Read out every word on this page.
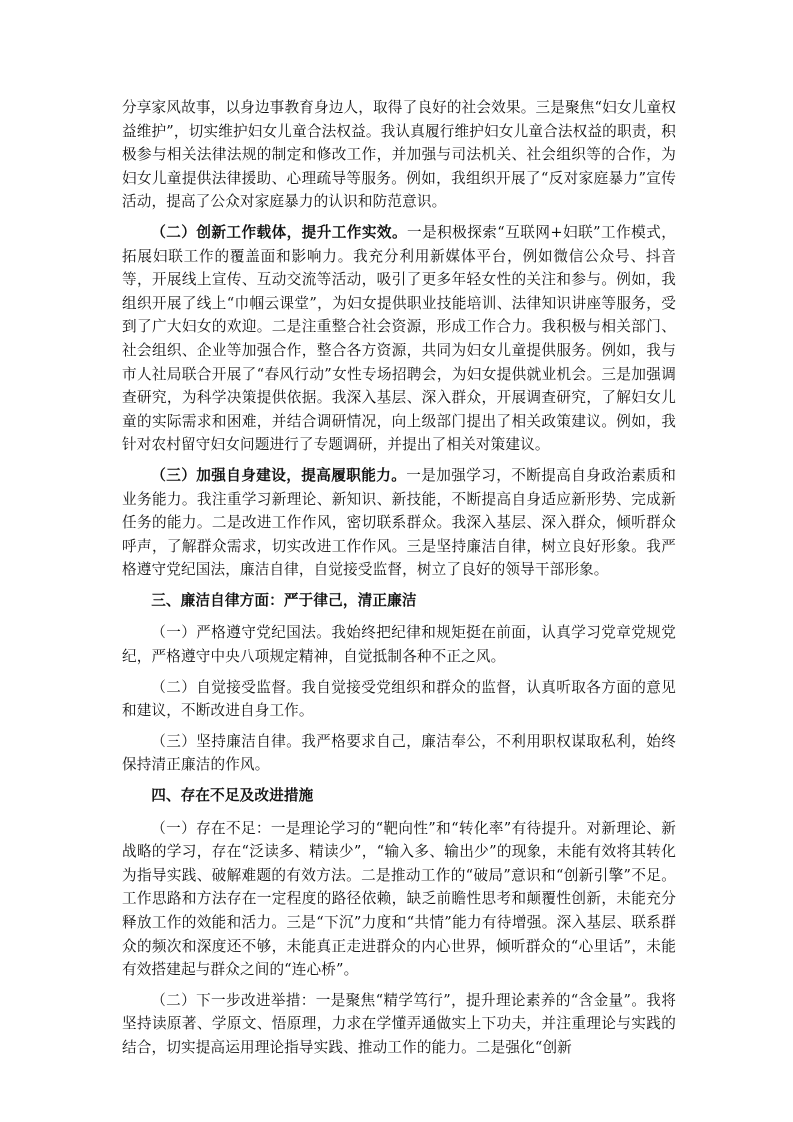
分享家风故事，以身边事教育身边人，取得了良好的社会效果。三是聚焦“妇女儿童权益维护”，切实维护妇女儿童合法权益。我认真履行维护妇女儿童合法权益的职责，积极参与相关法律法规的制定和修改工作，并加强与司法机关、社会组织等的合作，为妇女儿童提供法律援助、心理疏导等服务。例如，我组织开展了“反对家庭暴力”宣传活动，提高了公众对家庭暴力的认识和防范意识。

（二）创新工作载体，提升工作实效。一是积极探索“互联网+妇联”工作模式，拓展妇联工作的覆盖面和影响力。我充分利用新媒体平台，例如微信公众号、抖音等，开展线上宣传、互动交流等活动，吸引了更多年轻女性的关注和参与。例如，我组织开展了线上“巾帼云课堂”，为妇女提供职业技能培训、法律知识讲座等服务，受到了广大妇女的欢迎。二是注重整合社会资源，形成工作合力。我积极与相关部门、社会组织、企业等加强合作，整合各方资源，共同为妇女儿童提供服务。例如，我与市人社局联合开展了“春风行动”女性专场招聘会，为妇女提供就业机会。三是加强调查研究，为科学决策提供依据。我深入基层、深入群众，开展调查研究，了解妇女儿童的实际需求和困难，并结合调研情况，向上级部门提出了相关政策建议。例如，我针对农村留守妇女问题进行了专题调研，并提出了相关对策建议。

（三）加强自身建设，提高履职能力。一是加强学习，不断提高自身政治素质和业务能力。我注重学习新理论、新知识、新技能，不断提高自身适应新形势、完成新任务的能力。二是改进工作作风，密切联系群众。我深入基层、深入群众，倾听群众呼声，了解群众需求，切实改进工作作风。三是坚持廉洁自律，树立良好形象。我严格遵守党纪国法，廉洁自律，自觉接受监督，树立了良好的领导干部形象。

三、廉洁自律方面：严于律己，清正廉洁

（一）严格遵守党纪国法。我始终把纪律和规矩挺在前面，认真学习党章党规党纪，严格遵守中央八项规定精神，自觉抵制各种不正之风。

（二）自觉接受监督。我自觉接受党组织和群众的监督，认真听取各方面的意见和建议，不断改进自身工作。

（三）坚持廉洁自律。我严格要求自己，廉洁奉公，不利用职权谋取私利，始终保持清正廉洁的作风。

四、存在不足及改进措施

（一）存在不足：一是理论学习的“靶向性”和“转化率”有待提升。对新理论、新战略的学习，存在“泛读多、精读少”，“输入多、输出少”的现象，未能有效将其转化为指导实践、破解难题的有效方法。二是推动工作的“破局”意识和“创新引擎”不足。工作思路和方法存在一定程度的路径依赖，缺乏前瞻性思考和颠覆性创新，未能充分释放工作的效能和活力。三是“下沉”力度和“共情”能力有待增强。深入基层、联系群众的频次和深度还不够，未能真正走进群众的内心世界，倾听群众的“心里话”，未能有效搭建起与群众之间的“连心桥”。

（二）下一步改进举措：一是聚焦“精学笃行”，提升理论素养的“含金量”。我将坚持读原著、学原文、悟原理，力求在学懂弄通做实上下功夫，并注重理论与实践的结合，切实提高运用理论指导实践、推动工作的能力。二是强化“创新
